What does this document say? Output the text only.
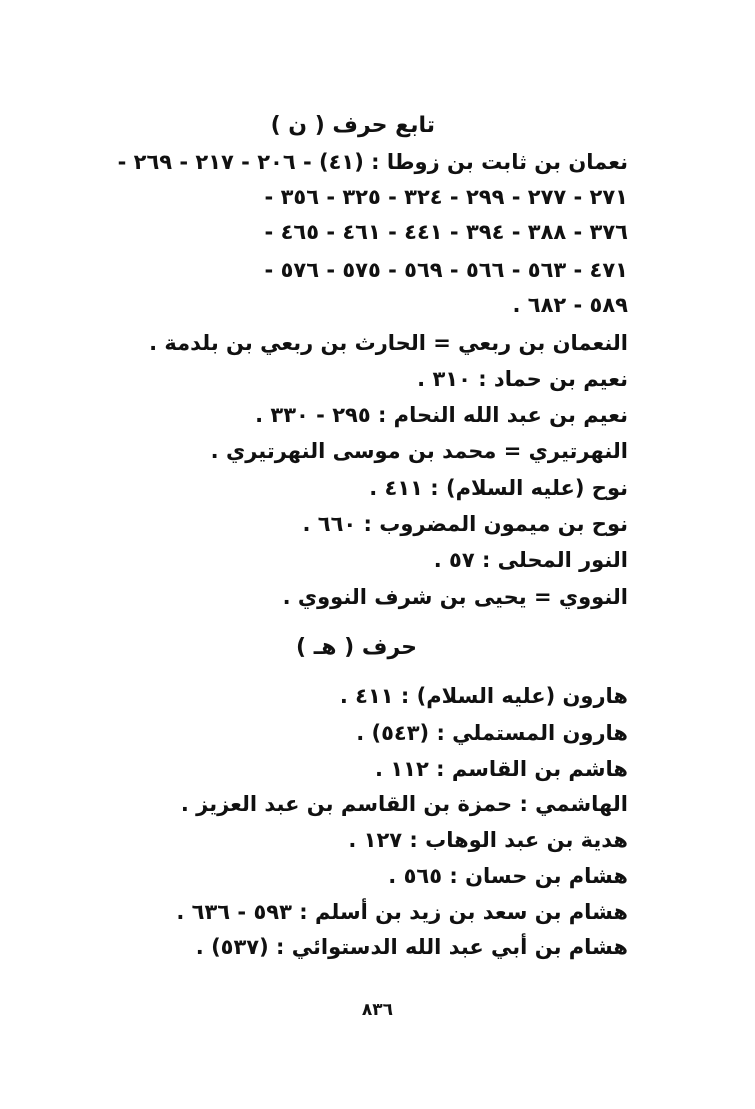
تابع حرف ( ن )
نعمان بن ثابت بن زوطا : (٤١) - ٢٠٦ - ٢١٧ - ٢٦٩ -
٢٧١ - ٢٧٧ - ٢٩٩ - ٣٢٤ - ٣٢٥ - ٣٥٦ -
٣٧٦ - ٣٨٨ - ٣٩٤ - ٤٤١ - ٤٦١ - ٤٦٥ -
٤٧١ - ٥٦٣ - ٥٦٦ - ٥٦٩ - ٥٧٥ - ٥٧٦ -
٥٨٩ - ٦٨٢ .
النعمان بن ربعي = الحارث بن ربعي بن بلدمة .
نعيم بن حماد : ٣١٠ .
نعيم بن عبد الله النحام : ٢٩٥ - ٣٣٠ .
النهرتيري = محمد بن موسى النهرتيري .
نوح (عليه السلام) : ٤١١ .
نوح بن ميمون المضروب : ٦٦٠ .
النور المحلى : ٥٧ .
النووي = يحيى بن شرف النووي .
حرف ( هـ )
هارون (عليه السلام) : ٤١١ .
هارون المستملي : (٥٤٣) .
هاشم بن القاسم : ١١٢ .
الهاشمي : حمزة بن القاسم بن عبد العزيز .
هدية بن عبد الوهاب : ١٢٧ .
هشام بن حسان : ٥٦٥ .
هشام بن سعد بن زيد بن أسلم : ٥٩٣ - ٦٣٦ .
هشام بن أبي عبد الله الدستوائي : (٥٣٧) .
٨٣٦
